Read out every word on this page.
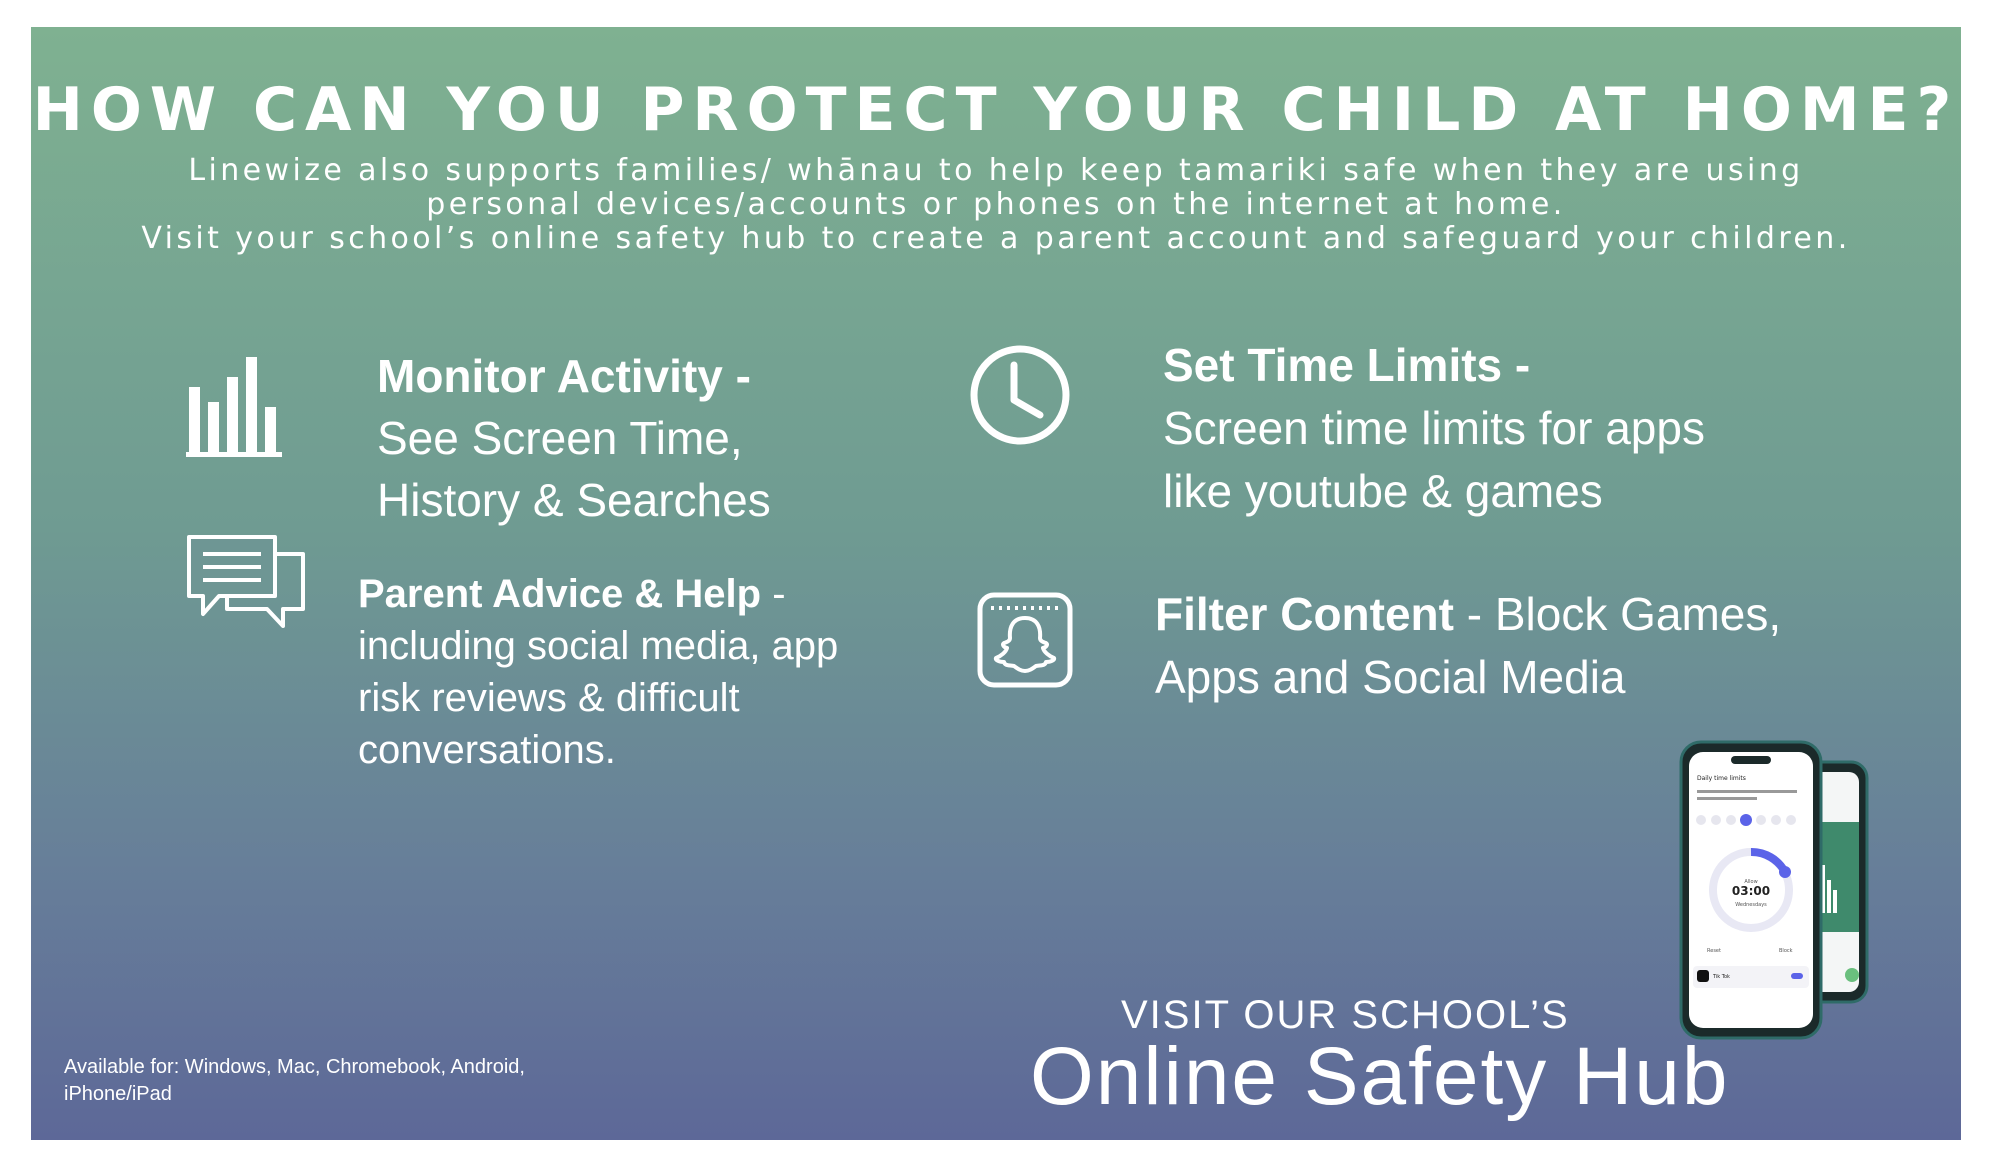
HOW CAN YOU PROTECT YOUR CHILD AT HOME?
Linewize also supports families/ whānau to help keep tamariki safe when they are using
personal devices/accounts or phones on the internet at home.
Visit your school’s online safety hub to create a parent account and safeguard your children.
Monitor Activity -
See Screen Time,
History & Searches
Set Time Limits -
Screen time limits for apps
like youtube & games
Parent Advice & Help -
including social media, app
risk reviews & difficult
conversations.
Filter Content - Block Games,
Apps and Social Media
Daily time limits
Allow
03:00
Wednesdays
Reset	Block
Tik Tok
Available for: Windows, Mac, Chromebook, Android,
iPhone/iPad
VISIT OUR SCHOOL’S
Online Safety Hub
